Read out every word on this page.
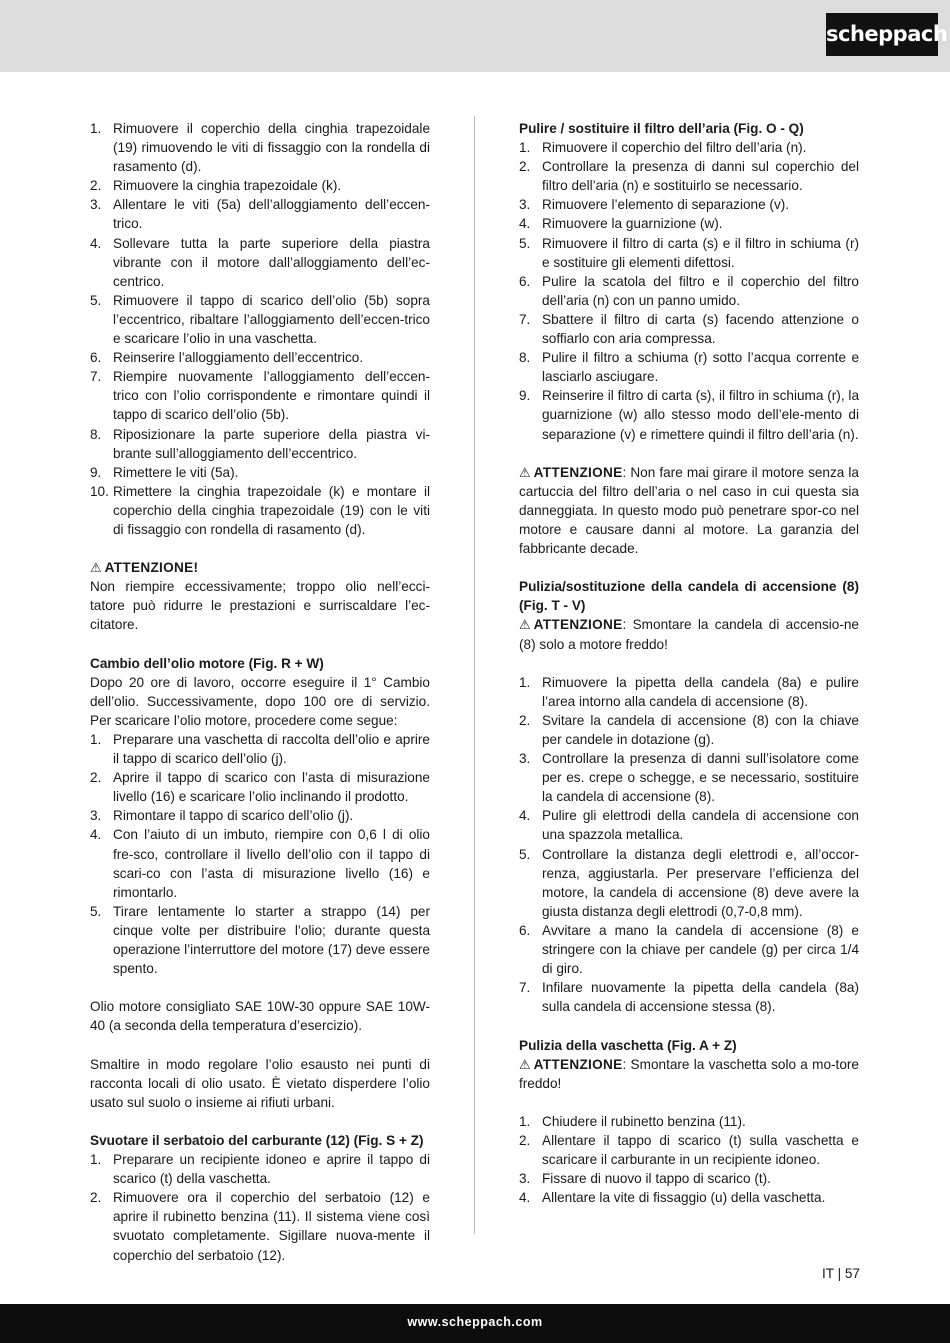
scheppach
1. Rimuovere il coperchio della cinghia trapezoidale (19) rimuovendo le viti di fissaggio con la rondella di rasamento (d).
2. Rimuovere la cinghia trapezoidale (k).
3. Allentare le viti (5a) dell’alloggiamento dell’eccen-trico.
4. Sollevare tutta la parte superiore della piastra vibrante con il motore dall’alloggiamento dell’ec-centrico.
5. Rimuovere il tappo di scarico dell’olio (5b) sopra l’eccentrico, ribaltare l’alloggiamento dell’eccen-trico e scaricare l’olio in una vaschetta.
6. Reinserire l’alloggiamento dell’eccentrico.
7. Riempire nuovamente l’alloggiamento dell’eccen-trico con l’olio corrispondente e rimontare quindi il tappo di scarico dell’olio (5b).
8. Riposizionare la parte superiore della piastra vi-brante sull’alloggiamento dell’eccentrico.
9. Rimettere le viti (5a).
10. Rimettere la cinghia trapezoidale (k) e montare il coperchio della cinghia trapezoidale (19) con le viti di fissaggio con rondella di rasamento (d).

⚠ ATTENZIONE!

Non riempire eccessivamente; troppo olio nell’ecci-tatore può ridurre le prestazioni e surriscaldare l’ec-citatore.

Cambio dell’olio motore (Fig. R + W)

Dopo 20 ore di lavoro, occorre eseguire il 1° Cambio dell’olio. Successivamente, dopo 100 ore di servizio. Per scaricare l’olio motore, procedere come segue:

1. Preparare una vaschetta di raccolta dell’olio e aprire il tappo di scarico dell’olio (j).
2. Aprire il tappo di scarico con l’asta di misurazione livello (16) e scaricare l’olio inclinando il prodotto.
3. Rimontare il tappo di scarico dell’olio (j).
4. Con l’aiuto di un imbuto, riempire con 0,6 l di olio fre-sco, controllare il livello dell’olio con il tappo di scari-co con l’asta di misurazione livello (16) e rimontarlo.
5. Tirare lentamente lo starter a strappo (14) per cinque volte per distribuire l’olio; durante questa operazione l’interruttore del motore (17) deve essere spento.

Olio motore consigliato SAE 10W-30 oppure SAE 10W-40 (a seconda della temperatura d’esercizio).

Smaltire in modo regolare l’olio esausto nei punti di racconta locali di olio usato. È vietato disperdere l’olio usato sul suolo o insieme ai rifiuti urbani.

Svuotare il serbatoio del carburante (12) (Fig. S + Z)

1. Preparare un recipiente idoneo e aprire il tappo di scarico (t) della vaschetta.
2. Rimuovere ora il coperchio del serbatoio (12) e aprire il rubinetto benzina (11). Il sistema viene così svuotato completamente. Sigillare nuova-mente il coperchio del serbatoio (12).

Pulire / sostituire il filtro dell’aria (Fig. O - Q)

1. Rimuovere il coperchio del filtro dell’aria (n).
2. Controllare la presenza di danni sul coperchio del filtro dell’aria (n) e sostituirlo se necessario.
3. Rimuovere l’elemento di separazione (v).
4. Rimuovere la guarnizione (w).
5. Rimuovere il filtro di carta (s) e il filtro in schiuma (r) e sostituire gli elementi difettosi.
6. Pulire la scatola del filtro e il coperchio del filtro dell’aria (n) con un panno umido.
7. Sbattere il filtro di carta (s) facendo attenzione o soffiarlo con aria compressa.
8. Pulire il filtro a schiuma (r) sotto l’acqua corrente e lasciarlo asciugare.
9. Reinserire il filtro di carta (s), il filtro in schiuma (r), la guarnizione (w) allo stesso modo dell’ele-mento di separazione (v) e rimettere quindi il filtro dell’aria (n).

⚠ ATTENZIONE: Non fare mai girare il motore senza la cartuccia del filtro dell’aria o nel caso in cui questa sia danneggiata. In questo modo può penetrare spor-co nel motore e causare danni al motore. La garanzia del fabbricante decade.

Pulizia/sostituzione della candela di accensione (8) (Fig. T - V)

⚠ ATTENZIONE: Smontare la candela di accensio-ne (8) solo a motore freddo!

1. Rimuovere la pipetta della candela (8a) e pulire l’area intorno alla candela di accensione (8).
2. Svitare la candela di accensione (8) con la chiave per candele in dotazione (g).
3. Controllare la presenza di danni sull’isolatore come per es. crepe o schegge, e se necessario, sostituire la candela di accensione (8).
4. Pulire gli elettrodi della candela di accensione con una spazzola metallica.
5. Controllare la distanza degli elettrodi e, all’occor-renza, aggiustarla. Per preservare l’efficienza del motore, la candela di accensione (8) deve avere la giusta distanza degli elettrodi (0,7-0,8 mm).
6. Avvitare a mano la candela di accensione (8) e stringere con la chiave per candele (g) per circa 1/4 di giro.
7. Infilare nuovamente la pipetta della candela (8a) sulla candela di accensione stessa (8).

Pulizia della vaschetta (Fig. A + Z)

⚠ ATTENZIONE: Smontare la vaschetta solo a mo-tore freddo!

1. Chiudere il rubinetto benzina (11).
2. Allentare il tappo di scarico (t) sulla vaschetta e scaricare il carburante in un recipiente idoneo.
3. Fissare di nuovo il tappo di scarico (t).
4. Allentare la vite di fissaggio (u) della vaschetta.
IT | 57
www.scheppach.com
